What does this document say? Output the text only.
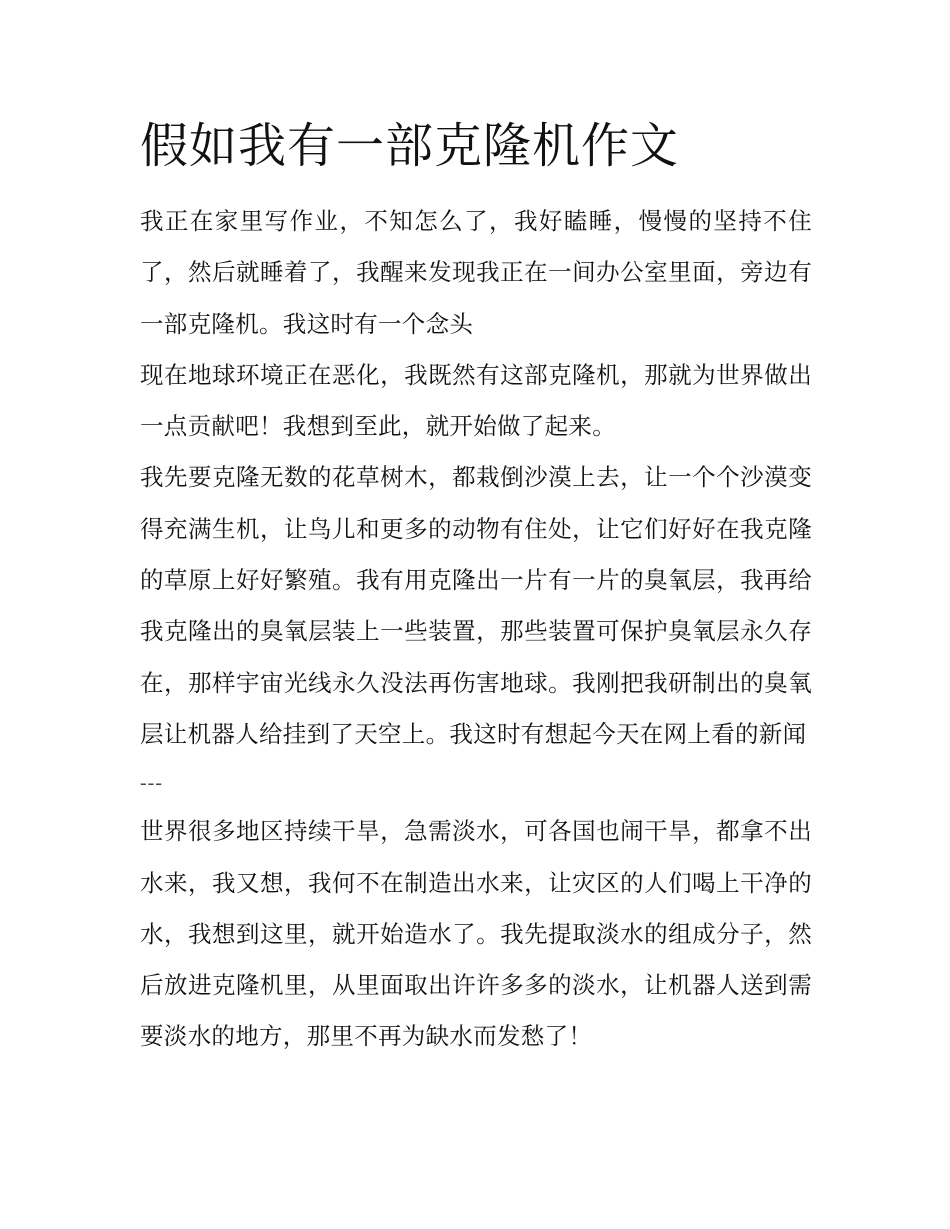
假如我有一部克隆机作文

我正在家里写作业，不知怎么了，我好瞌睡，慢慢的坚持不住了，然后就睡着了，我醒来发现我正在一间办公室里面，旁边有一部克隆机。我这时有一个念头

现在地球环境正在恶化，我既然有这部克隆机，那就为世界做出一点贡献吧！我想到至此，就开始做了起来。

我先要克隆无数的花草树木，都栽倒沙漠上去，让一个个沙漠变得充满生机，让鸟儿和更多的动物有住处，让它们好好在我克隆的草原上好好繁殖。我有用克隆出一片有一片的臭氧层，我再给我克隆出的臭氧层装上一些装置，那些装置可保护臭氧层永久存在，那样宇宙光线永久没法再伤害地球。我刚把我研制出的臭氧层让机器人给挂到了天空上。我这时有想起今天在网上看的新闻

---

世界很多地区持续干旱，急需淡水，可各国也闹干旱，都拿不出水来，我又想，我何不在制造出水来，让灾区的人们喝上干净的水，我想到这里，就开始造水了。我先提取淡水的组成分子，然后放进克隆机里，从里面取出许许多多的淡水，让机器人送到需要淡水的地方，那里不再为缺水而发愁了！
